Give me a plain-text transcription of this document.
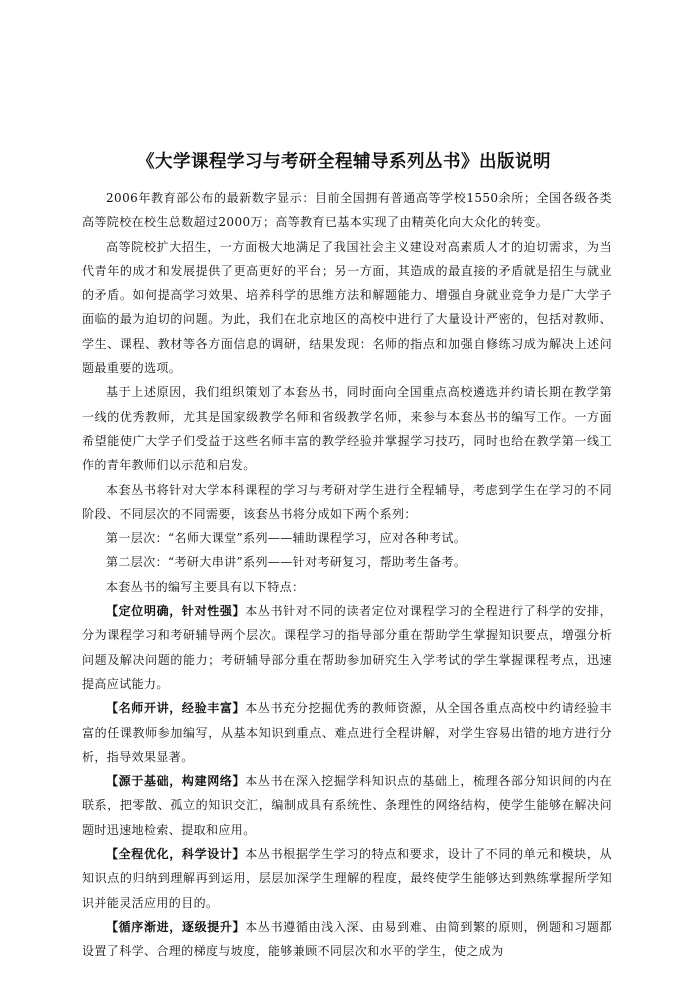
《大学课程学习与考研全程辅导系列丛书》出版说明

2006年教育部公布的最新数字显示：目前全国拥有普通高等学校1550余所；全国各级各类高等院校在校生总数超过2000万；高等教育已基本实现了由精英化向大众化的转变。

高等院校扩大招生，一方面极大地满足了我国社会主义建设对高素质人才的迫切需求，为当代青年的成才和发展提供了更高更好的平台；另一方面，其造成的最直接的矛盾就是招生与就业的矛盾。如何提高学习效果、培养科学的思维方法和解题能力、增强自身就业竞争力是广大学子面临的最为迫切的问题。为此，我们在北京地区的高校中进行了大量设计严密的，包括对教师、学生、课程、教材等各方面信息的调研，结果发现：名师的指点和加强自修练习成为解决上述问题最重要的选项。

基于上述原因，我们组织策划了本套丛书，同时面向全国重点高校遴选并约请长期在教学第一线的优秀教师，尤其是国家级教学名师和省级教学名师，来参与本套丛书的编写工作。一方面希望能使广大学子们受益于这些名师丰富的教学经验并掌握学习技巧，同时也给在教学第一线工作的青年教师们以示范和启发。

本套丛书将针对大学本科课程的学习与考研对学生进行全程辅导，考虑到学生在学习的不同阶段、不同层次的不同需要，该套丛书将分成如下两个系列：

第一层次：“名师大课堂”系列——辅助课程学习，应对各种考试。

第二层次：“考研大串讲”系列——针对考研复习，帮助考生备考。

本套丛书的编写主要具有以下特点：

【定位明确，针对性强】本丛书针对不同的读者定位对课程学习的全程进行了科学的安排，分为课程学习和考研辅导两个层次。课程学习的指导部分重在帮助学生掌握知识要点，增强分析问题及解决问题的能力；考研辅导部分重在帮助参加研究生入学考试的学生掌握课程考点，迅速提高应试能力。

【名师开讲，经验丰富】本丛书充分挖掘优秀的教师资源，从全国各重点高校中约请经验丰富的任课教师参加编写，从基本知识到重点、难点进行全程讲解，对学生容易出错的地方进行分析，指导效果显著。

【源于基础，构建网络】本丛书在深入挖掘学科知识点的基础上，梳理各部分知识间的内在联系，把零散、孤立的知识交汇，编制成具有系统性、条理性的网络结构，使学生能够在解决问题时迅速地检索、提取和应用。

【全程优化，科学设计】本丛书根据学生学习的特点和要求，设计了不同的单元和模块，从知识点的归纳到理解再到运用，层层加深学生理解的程度，最终使学生能够达到熟练掌握所学知识并能灵活应用的目的。

【循序渐进，逐级提升】本丛书遵循由浅入深、由易到难、由简到繁的原则，例题和习题都设置了科学、合理的梯度与坡度，能够兼顾不同层次和水平的学生，使之成为
